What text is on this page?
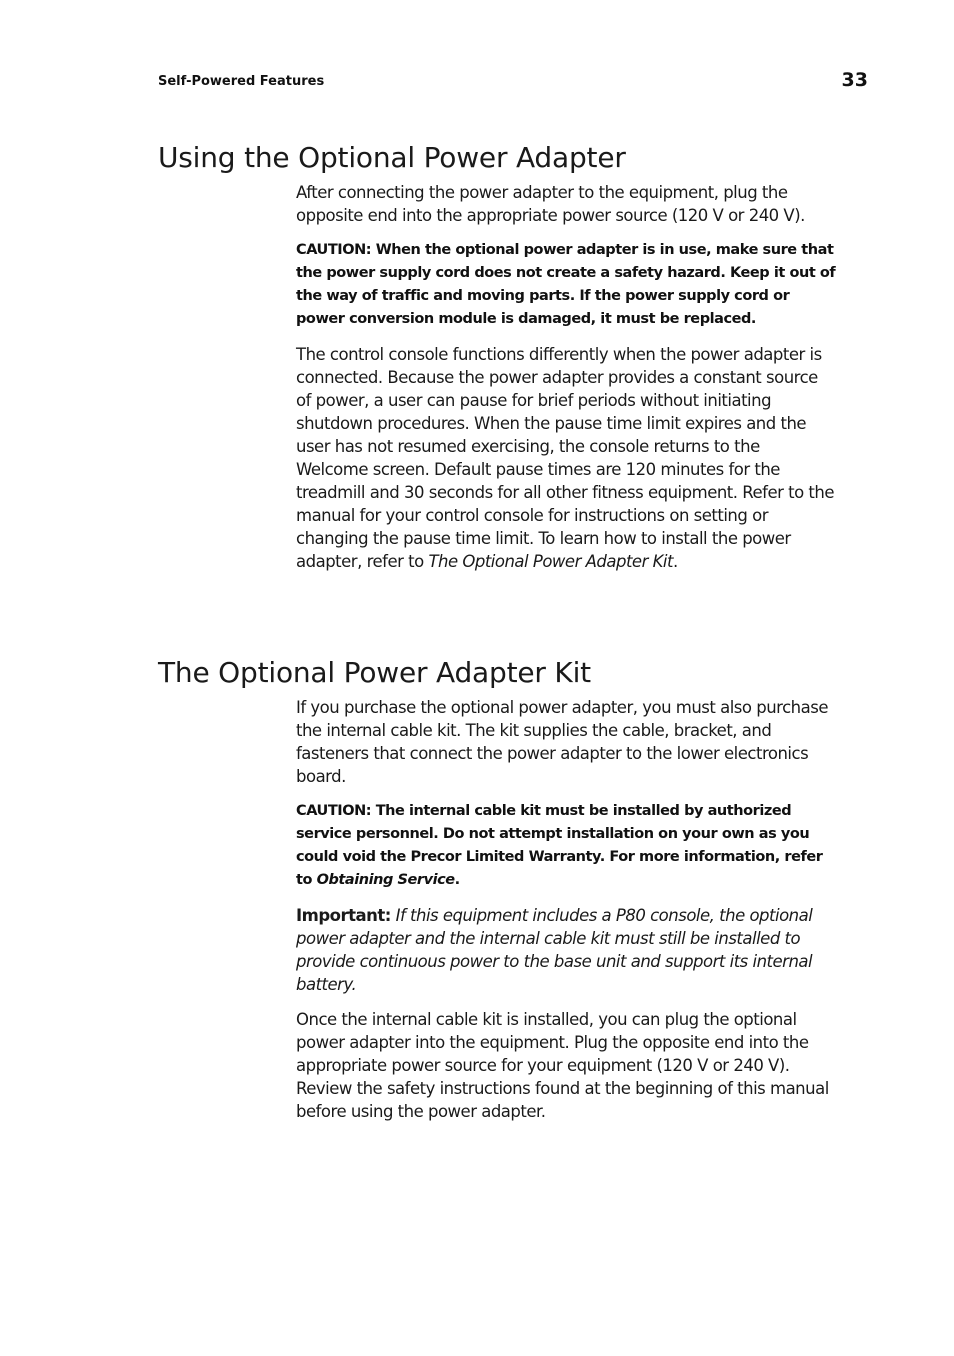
Self-Powered Features	33
Using the Optional Power Adapter

After connecting the power adapter to the equipment, plug the opposite end into the appropriate power source (120 V or 240 V).

CAUTION: When the optional power adapter is in use, make sure that the power supply cord does not create a safety hazard. Keep it out of the way of traffic and moving parts. If the power supply cord or power conversion module is damaged, it must be replaced.

The control console functions differently when the power adapter is connected. Because the power adapter provides a constant source of power, a user can pause for brief periods without initiating shutdown procedures. When the pause time limit expires and the user has not resumed exercising, the console returns to the Welcome screen. Default pause times are 120 minutes for the treadmill and 30 seconds for all other fitness equipment. Refer to the manual for your control console for instructions on setting or changing the pause time limit. To learn how to install the power adapter, refer to The Optional Power Adapter Kit.

The Optional Power Adapter Kit

If you purchase the optional power adapter, you must also purchase the internal cable kit. The kit supplies the cable, bracket, and fasteners that connect the power adapter to the lower electronics board.

CAUTION: The internal cable kit must be installed by authorized service personnel. Do not attempt installation on your own as you could void the Precor Limited Warranty. For more information, refer to Obtaining Service.

Important: If this equipment includes a P80 console, the optional power adapter and the internal cable kit must still be installed to provide continuous power to the base unit and support its internal battery.

Once the internal cable kit is installed, you can plug the optional power adapter into the equipment. Plug the opposite end into the appropriate power source for your equipment (120 V or 240 V). Review the safety instructions found at the beginning of this manual before using the power adapter.
